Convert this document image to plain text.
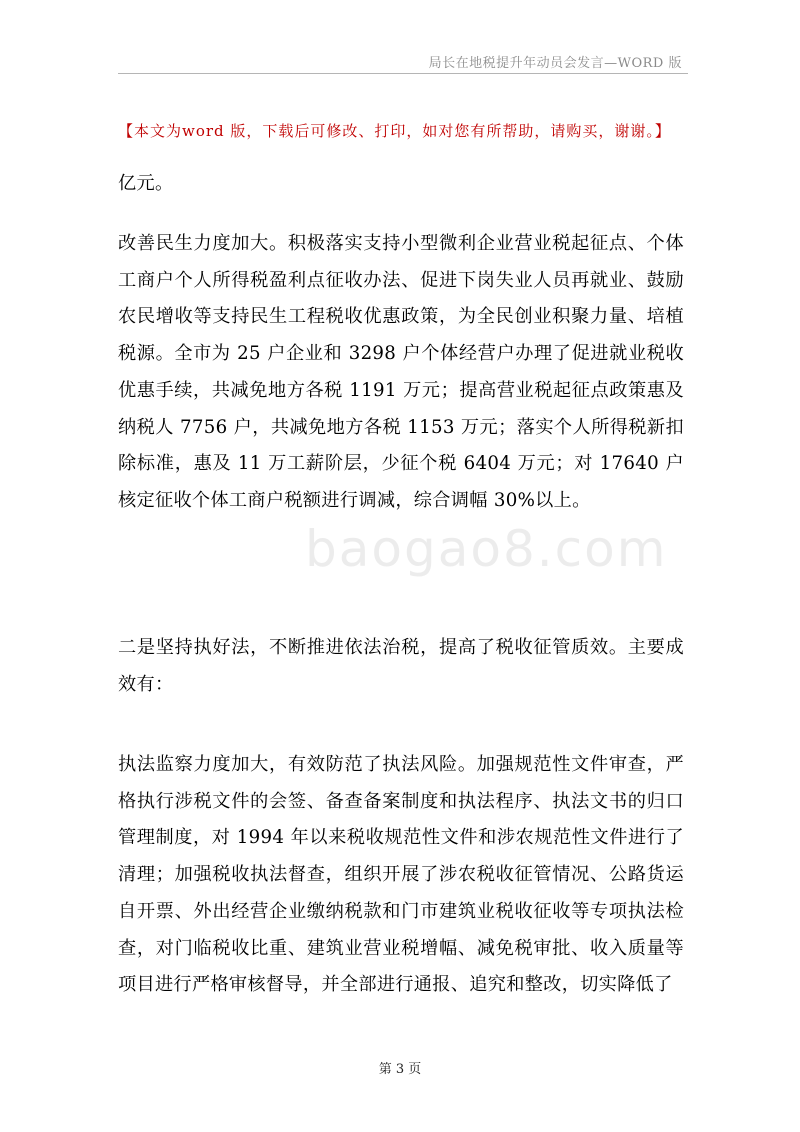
局长在地税提升年动员会发言—WORD 版
【本文为word 版，下载后可修改、打印，如对您有所帮助，请购买，谢谢。】
亿元。
改善民生力度加大。积极落实支持小型微利企业营业税起征点、个体工商户个人所得税盈利点征收办法、促进下岗失业人员再就业、鼓励农民增收等支持民生工程税收优惠政策，为全民创业积聚力量、培植税源。全市为 25 户企业和 3298 户个体经营户办理了促进就业税收优惠手续，共减免地方各税 1191 万元；提高营业税起征点政策惠及纳税人 7756 户，共减免地方各税 1153 万元；落实个人所得税新扣除标准，惠及 11 万工薪阶层，少征个税 6404 万元；对 17640 户核定征收个体工商户税额进行调减，综合调幅 30%以上。
二是坚持执好法，不断推进依法治税，提高了税收征管质效。主要成效有：
执法监察力度加大，有效防范了执法风险。加强规范性文件审查，严格执行涉税文件的会签、备查备案制度和执法程序、执法文书的归口管理制度，对 1994 年以来税收规范性文件和涉农规范性文件进行了清理；加强税收执法督查，组织开展了涉农税收征管情况、公路货运自开票、外出经营企业缴纳税款和门市建筑业税收征收等专项执法检查，对门临税收比重、建筑业营业税增幅、减免税审批、收入质量等项目进行严格审核督导，并全部进行通报、追究和整改，切实降低了
baogao8.com
第 3 页
